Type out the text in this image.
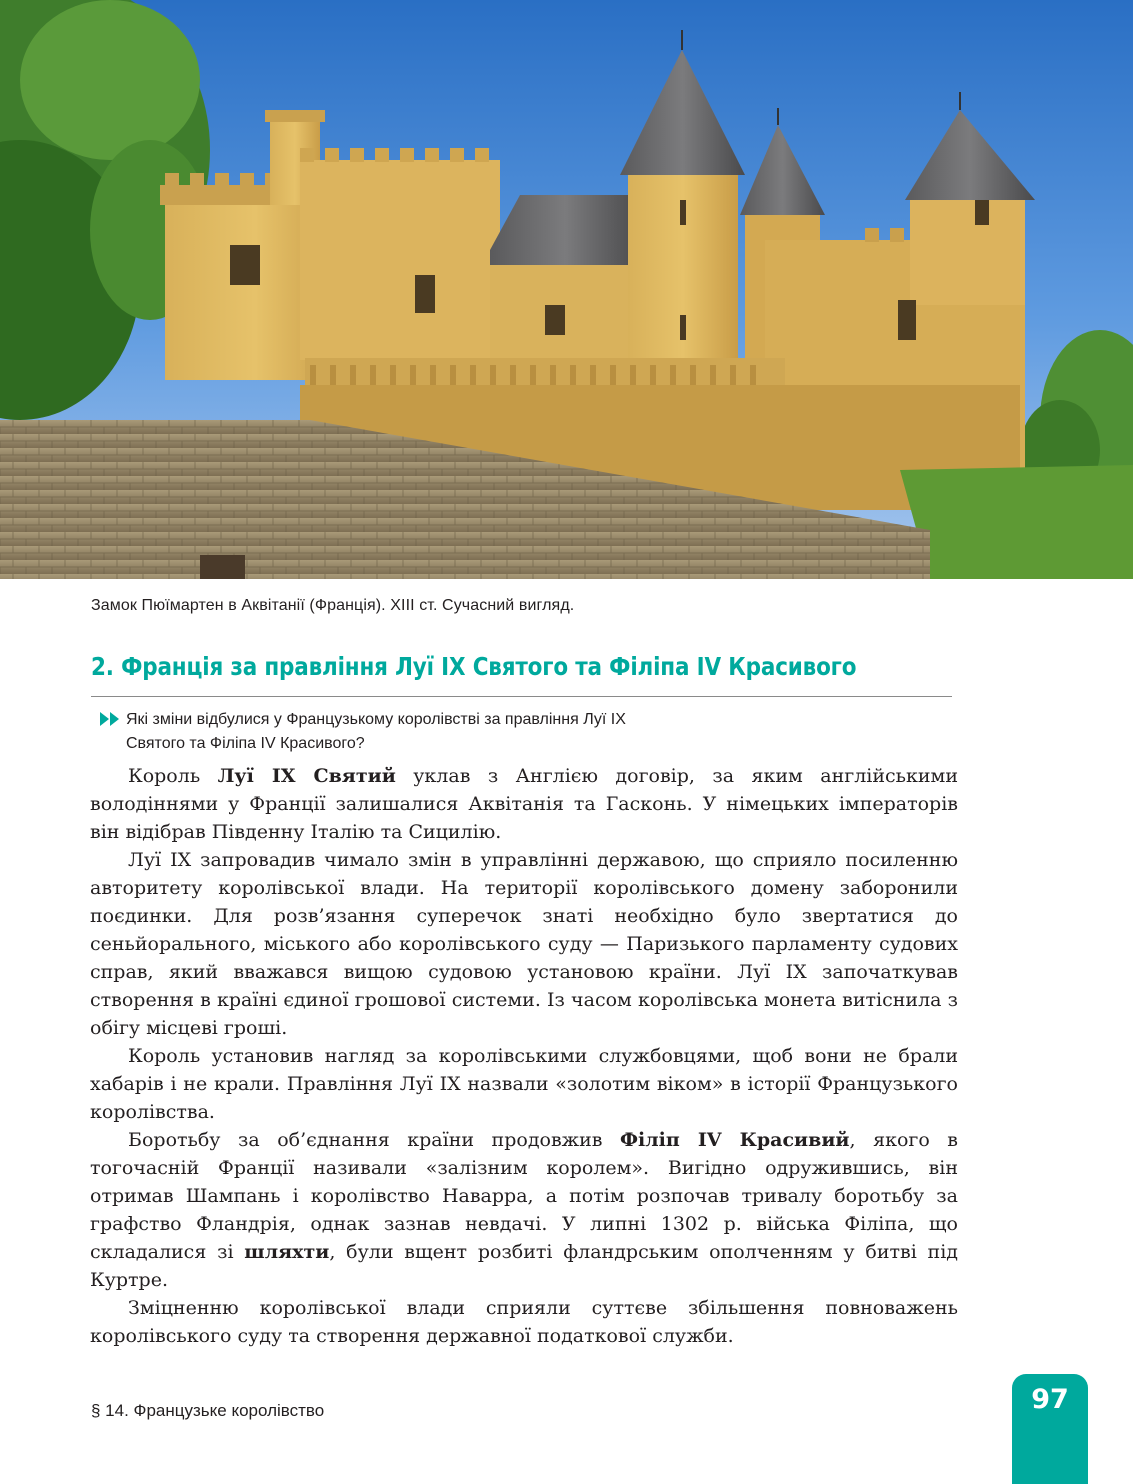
Замок Пюїмартен в Аквітанії (Франція). XIII ст. Сучасний вигляд.
2. Франція за правління Луї IX Святого та Філіпа IV Красивого
Які зміни відбулися у Французькому королівстві за правління Луї IX
Святого та Філіпа IV Красивого?

Король Луї IX Святий уклав з Англією договір, за яким англійськими володіннями у Франції залишалися Аквітанія та Гасконь. У німецьких імператорів він відібрав Південну Італію та Сицилію.

Луї IX запровадив чимало змін в управлінні державою, що сприяло посиленню авторитету королівської влади. На території королівського домену заборонили поєдинки. Для розв’язання суперечок знаті необхідно було звертатися до сеньйорального, міського або королівського суду — Паризького парламенту судових справ, який вважався вищою судовою установою країни. Луї IX започаткував створення в країні єдиної грошової системи. Із часом королівська монета витіснила з обігу місцеві гроші.

Король установив нагляд за королівськими службовцями, щоб вони не брали хабарів і не крали. Правління Луї IX назвали «золотим віком» в історії Французького королівства.

Боротьбу за об’єднання країни продовжив Філіп IV Красивий, якого в тогочасній Франції називали «залізним королем». Вигідно одружившись, він отримав Шампань і королівство Наварра, а потім розпочав тривалу боротьбу за графство Фландрія, однак зазнав невдачі. У липні 1302 р. війська Філіпа, що складалися зі шляхти, були вщент розбиті фландрським ополченням у битві під Куртре.

Зміцненню королівської влади сприяли суттєве збільшення повноважень королівського суду та створення державної податкової служби.

§ 14. Французьке королівство	97
